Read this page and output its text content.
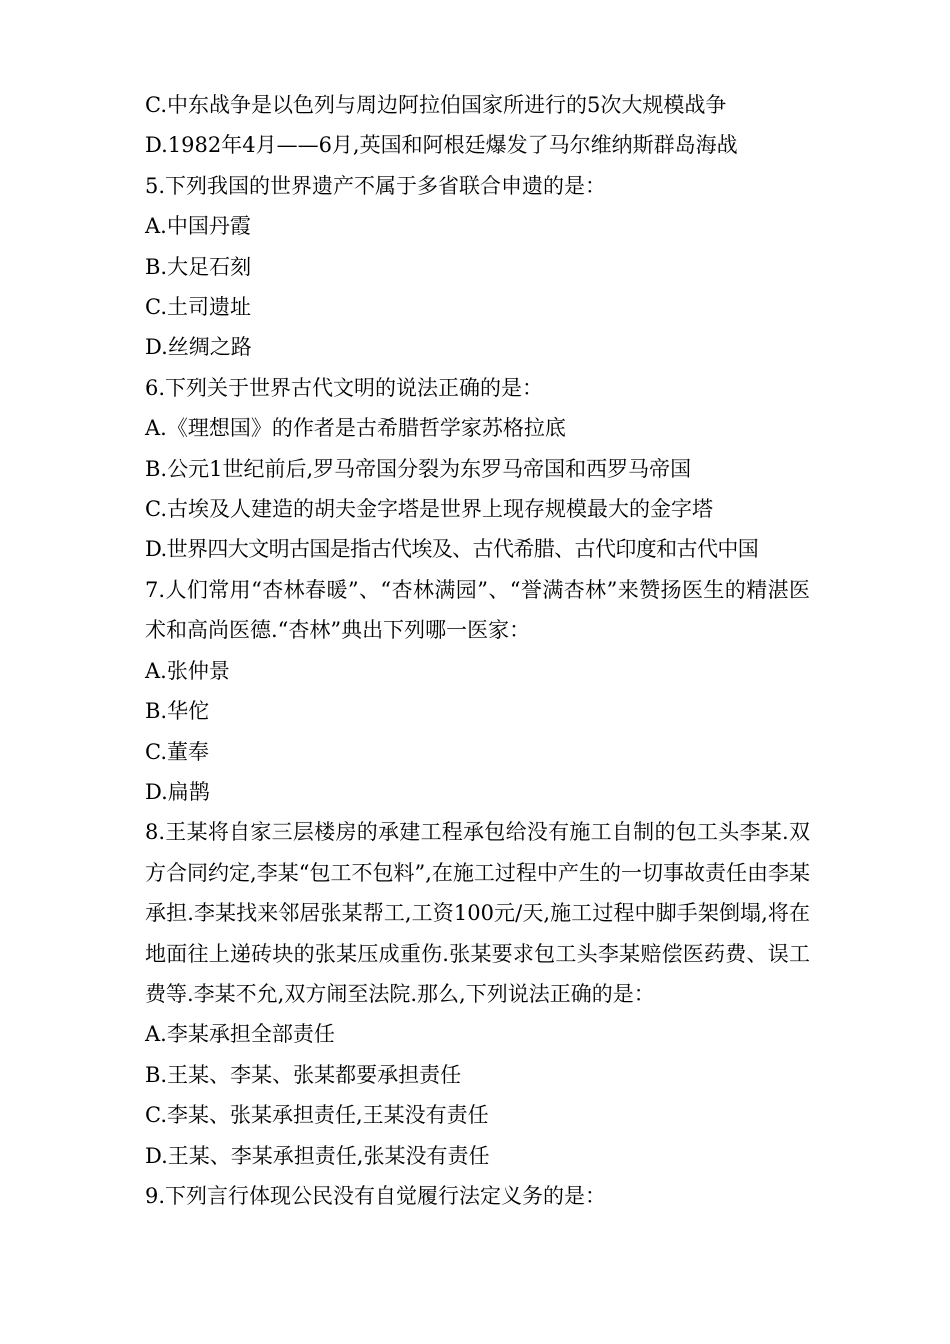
C.中东战争是以色列与周边阿拉伯国家所进行的5次大规模战争
D.1982年4月——6月,英国和阿根廷爆发了马尔维纳斯群岛海战
5.下列我国的世界遗产不属于多省联合申遗的是：
A.中国丹霞
B.大足石刻
C.土司遗址
D.丝绸之路
6.下列关于世界古代文明的说法正确的是：
A.《理想国》的作者是古希腊哲学家苏格拉底
B.公元1世纪前后,罗马帝国分裂为东罗马帝国和西罗马帝国
C.古埃及人建造的胡夫金字塔是世界上现存规模最大的金字塔
D.世界四大文明古国是指古代埃及、古代希腊、古代印度和古代中国
7.人们常用“杏林春暖”、“杏林满园”、“誉满杏林”来赞扬医生的精湛医术和高尚医德.“杏林”典出下列哪一医家：
A.张仲景
B.华佗
C.董奉
D.扁鹊
8.王某将自家三层楼房的承建工程承包给没有施工自制的包工头李某.双方合同约定,李某“包工不包料”,在施工过程中产生的一切事故责任由李某承担.李某找来邻居张某帮工,工资100元/天,施工过程中脚手架倒塌,将在地面往上递砖块的张某压成重伤.张某要求包工头李某赔偿医药费、误工费等.李某不允,双方闹至法院.那么,下列说法正确的是：
A.李某承担全部责任
B.王某、李某、张某都要承担责任
C.李某、张某承担责任,王某没有责任
D.王某、李某承担责任,张某没有责任
9.下列言行体现公民没有自觉履行法定义务的是：
